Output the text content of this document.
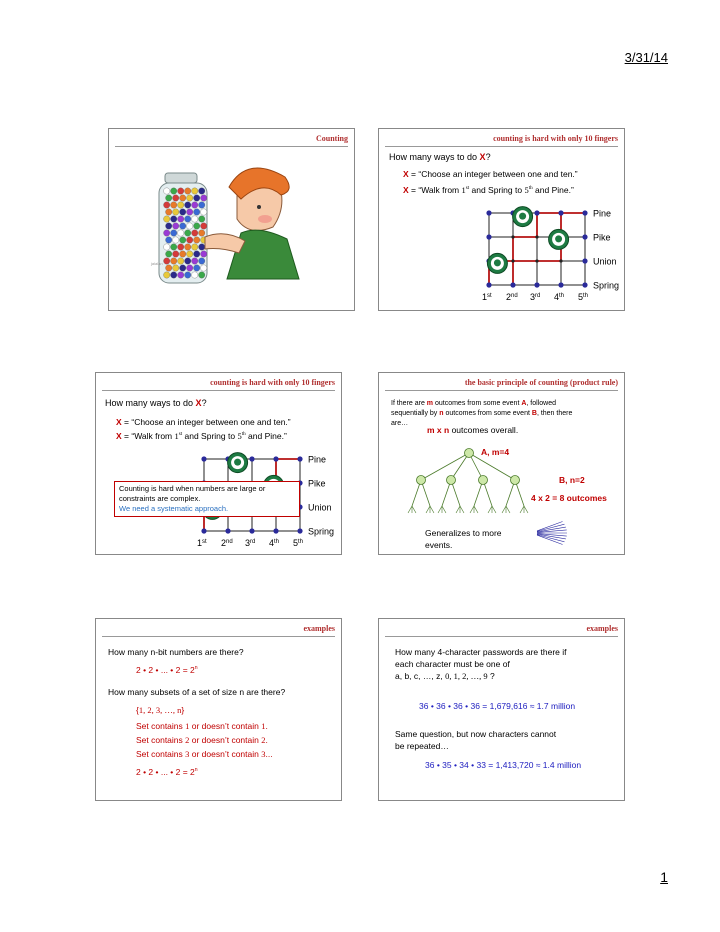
3/31/14
Counting
jalalan
counting is hard with only 10 fingers
How many ways to do X?
X = “Choose an integer between one and ten.”
X = “Walk from 1st and Spring to 5th and Pine.”
Pine
Pike
Union
Spring
1st 2nd 3rd 4th 5th
counting is hard with only 10 fingers
How many ways to do X?
X = “Choose an integer between one and ten.”
X = “Walk from 1st and Spring to 5th and Pine.”
Pine
Pike
Union
Spring
1st 2nd 3rd 4th 5th
Counting is hard when numbers are large or
constraints are complex.
We need a systematic approach.
the basic principle of counting (product rule)
If there are m outcomes from some event A, followed
sequentially by n outcomes from some event B, then there
are…
m x n outcomes overall.
A, m=4
B, n=2
4 x 2 = 8 outcomes
Generalizes to more
events.
examples
How many n-bit numbers are there?
2 • 2 • ... • $2 = 2^n$
How many subsets of a set of size n are there?
{1, 2, 3, …, n}
Set contains 1 or doesn’t contain 1.
Set contains 2 or doesn’t contain 2.
Set contains 3 or doesn’t contain 3...
2 • 2 • ... • $2 = 2^n$
examples
How many 4-character passwords are there if
each character must be one of
a, b, c, …, z, 0, 1, 2, …, 9 ?
36 • 36 • 36 • 36 = 1,679,616 ≈ 1.7 million
Same question, but now characters cannot
be repeated…
36 • 35 • 34 • 33 = 1,413,720 ≈ 1.4 million
1
